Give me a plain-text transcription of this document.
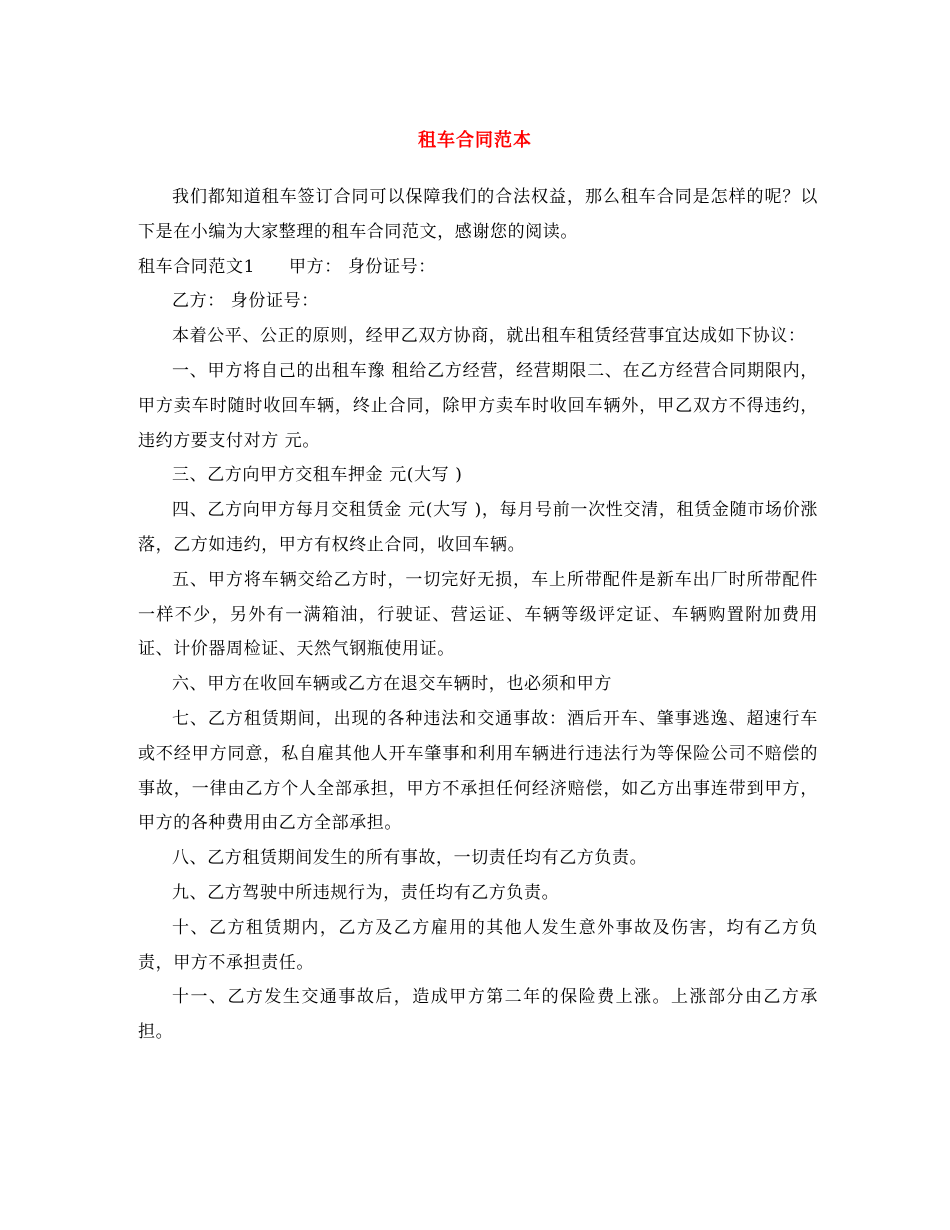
租车合同范本

我们都知道租车签订合同可以保障我们的合法权益，那么租车合同是怎样的呢？以下是在小编为大家整理的租车合同范文，感谢您的阅读。

租车合同范文1 甲方： 身份证号：

乙方： 身份证号：

本着公平、公正的原则，经甲乙双方协商，就出租车租赁经营事宜达成如下协议：

一、甲方将自己的出租车豫 租给乙方经营，经营期限二、在乙方经营合同期限内，甲方卖车时随时收回车辆，终止合同，除甲方卖车时收回车辆外，甲乙双方不得违约，违约方要支付对方 元。

三、乙方向甲方交租车押金 元(大写 )

四、乙方向甲方每月交租赁金 元(大写 )，每月号前一次性交清，租赁金随市场价涨落，乙方如违约，甲方有权终止合同，收回车辆。

五、甲方将车辆交给乙方时，一切完好无损，车上所带配件是新车出厂时所带配件一样不少，另外有一满箱油，行驶证、营运证、车辆等级评定证、车辆购置附加费用证、计价器周检证、天然气钢瓶使用证。

六、甲方在收回车辆或乙方在退交车辆时，也必须和甲方

七、乙方租赁期间，出现的各种违法和交通事故：酒后开车、肇事逃逸、超速行车或不经甲方同意，私自雇其他人开车肇事和利用车辆进行违法行为等保险公司不赔偿的事故，一律由乙方个人全部承担，甲方不承担任何经济赔偿，如乙方出事连带到甲方，甲方的各种费用由乙方全部承担。

八、乙方租赁期间发生的所有事故，一切责任均有乙方负责。

九、乙方驾驶中所违规行为，责任均有乙方负责。

十、乙方租赁期内，乙方及乙方雇用的其他人发生意外事故及伤害，均有乙方负责，甲方不承担责任。

十一、乙方发生交通事故后，造成甲方第二年的保险费上涨。上涨部分由乙方承担。
